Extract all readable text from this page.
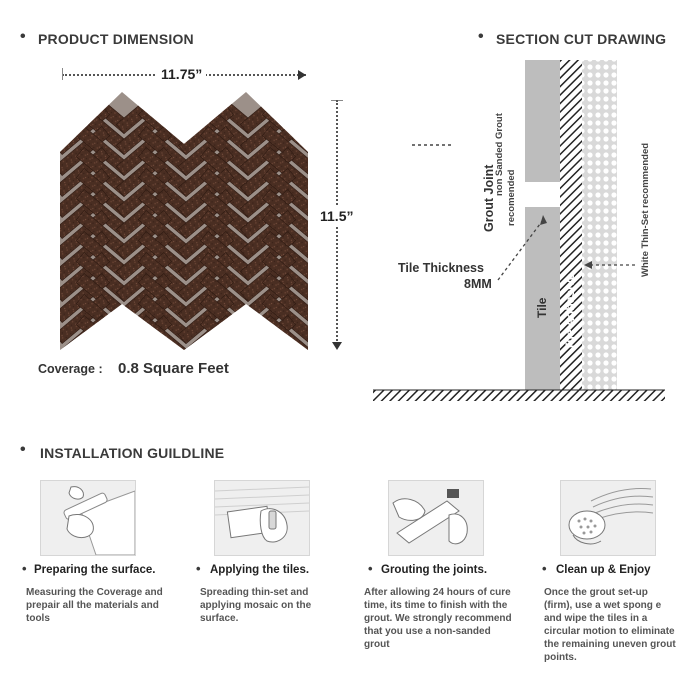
• PRODUCT DIMENSION
11.75”
11.5”
Coverage : 0.8 Square Feet
• SECTION CUT DRAWING
Grout Joint
non Sanded Grout
recomended
Tile Thickness
8MM
Tile Tile Adhesive
White Thin-Set recommended
• INSTALLATION GUILDLINE
• Preparing the surface.
Measuring the Coverage and prepair all the materials and tools
• Applying the tiles.
Spreading thin-set and applying mosaic on the surface.
• Grouting the joints.
After allowing 24 hours of cure time, its time to finish with the grout. We strongly recommend that you use a non-sanded grout
• Clean up & Enjoy
Once the grout set-up (firm), use a wet spong e and wipe the tiles in a circular motion to eliminate the remaining uneven grout points.
